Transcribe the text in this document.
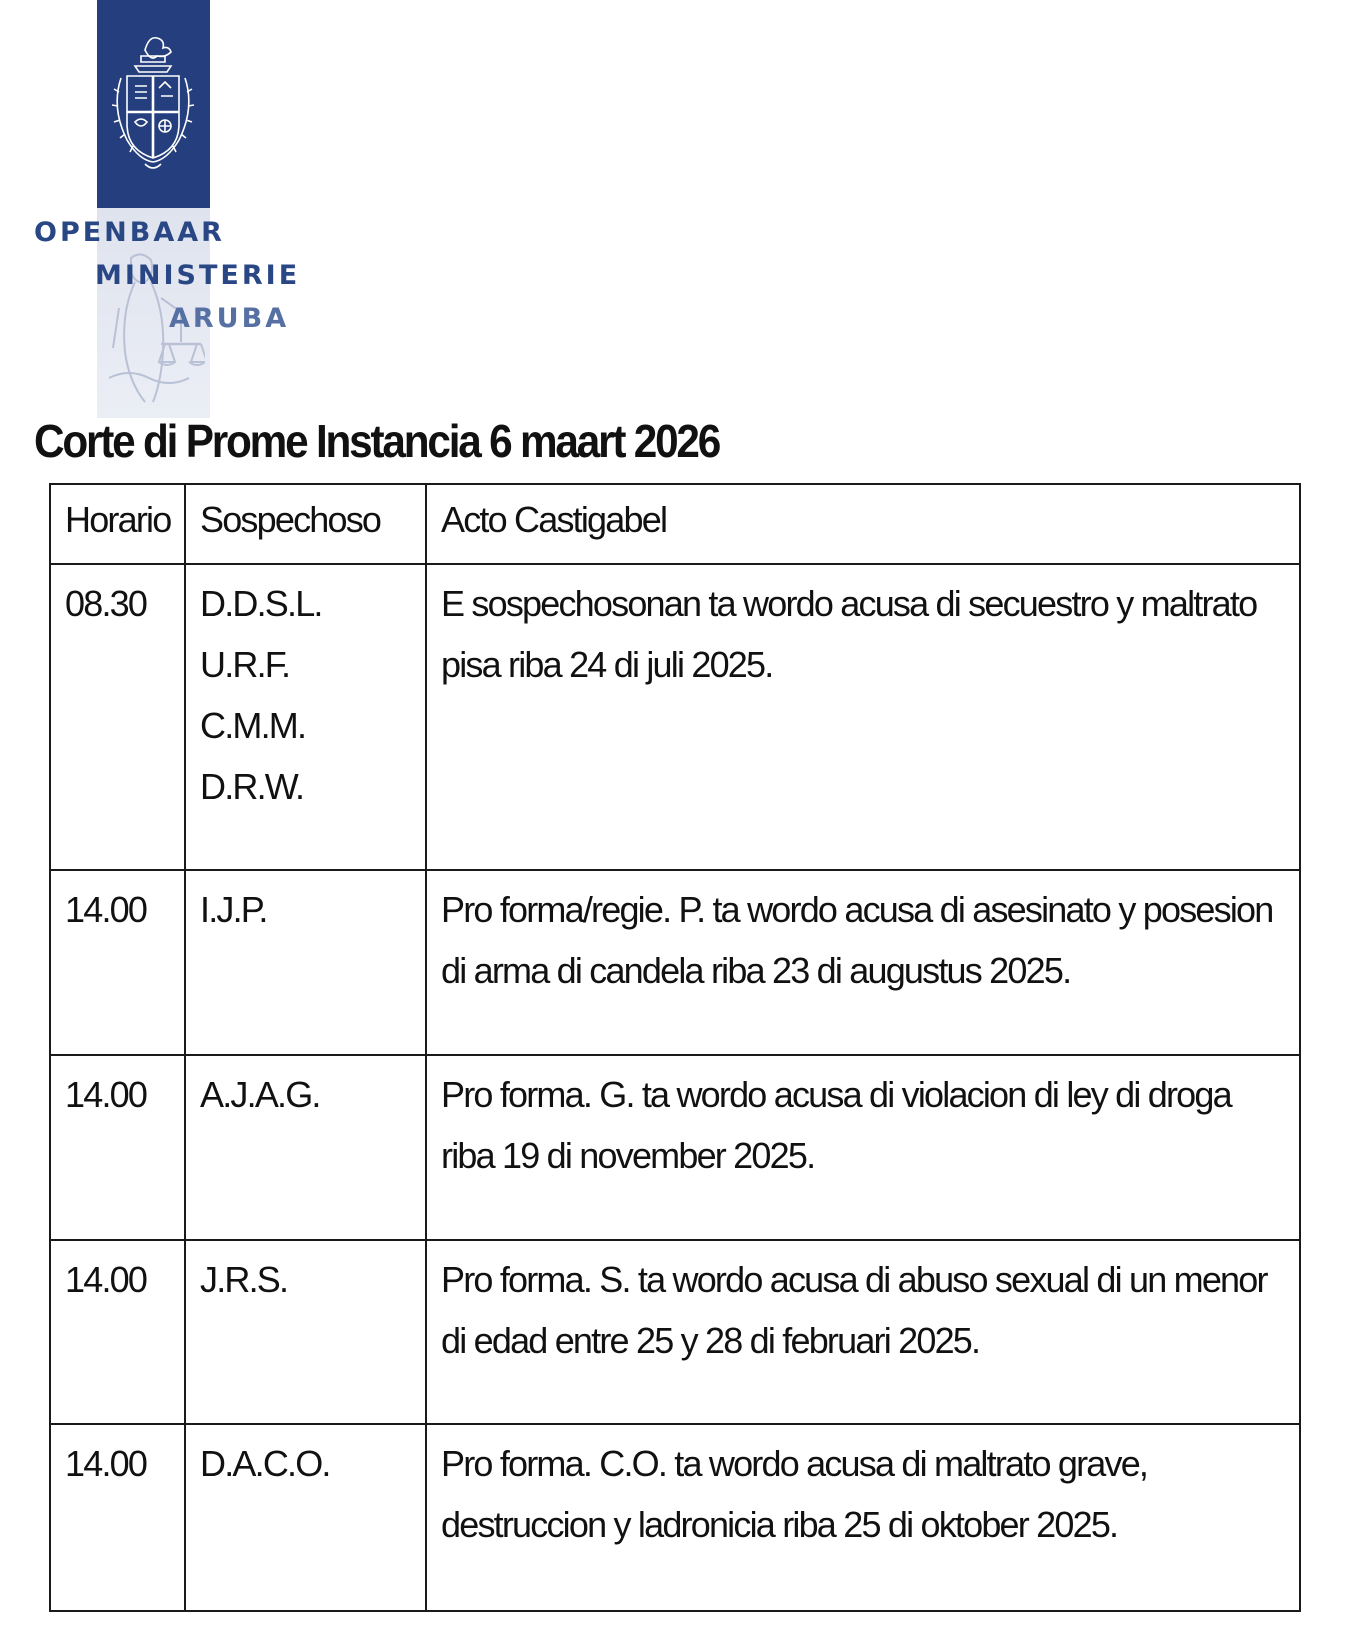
OPENBAAR
MINISTERIE
ARUBA
Corte di Prome Instancia 6 maart 2026
Horario	Sospechoso	Acto Castigabel
08.30	D.D.S.L.
U.R.F.
C.M.M.
D.R.W.	E sospechosonan ta wordo acusa di secuestro y maltrato pisa riba 24 di juli 2025.
14.00	I.J.P.	Pro forma/regie. P. ta wordo acusa di asesinato y posesion di arma di candela riba 23 di augustus 2025.
14.00	A.J.A.G.	Pro forma. G. ta wordo acusa di violacion di ley di droga riba 19 di november 2025.
14.00	J.R.S.	Pro forma. S. ta wordo acusa di abuso sexual di un menor di edad entre 25 y 28 di februari 2025.
14.00	D.A.C.O.	Pro forma. C.O. ta wordo acusa di maltrato grave, destruccion y ladronicia riba 25 di oktober 2025.
